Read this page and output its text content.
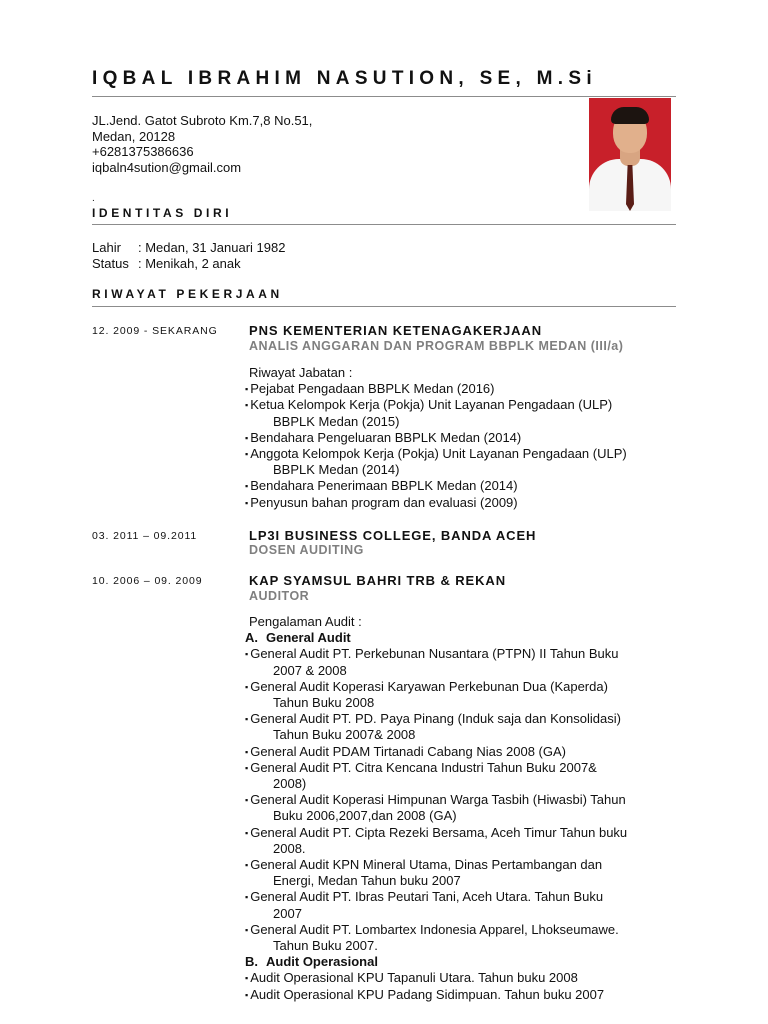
IQBAL IBRAHIM NASUTION, SE, M.Si
JL.Jend. Gatot Subroto Km.7,8 No.51,
Medan, 20128
+6281375386636
iqbaln4sution@gmail.com
.
IDENTITAS DIRI
Lahir : Medan, 31 Januari 1982
Status : Menikah, 2 anak
RIWAYAT PEKERJAAN
12. 2009 - SEKARANG PNS KEMENTERIAN KETENAGAKERJAAN
ANALIS ANGGARAN DAN PROGRAM BBPLK MEDAN (III/a)
Riwayat Jabatan :
▪ Pejabat Pengadaan BBPLK Medan (2016)
▪ Ketua Kelompok Kerja (Pokja) Unit Layanan Pengadaan (ULP)
BBPLK Medan (2015)
▪ Bendahara Pengeluaran BBPLK Medan (2014)
▪ Anggota Kelompok Kerja (Pokja) Unit Layanan Pengadaan (ULP)
BBPLK Medan (2014)
▪ Bendahara Penerimaan BBPLK Medan (2014)
▪ Penyusun bahan program dan evaluasi (2009)
03. 2011 – 09.2011	LP3I BUSINESS COLLEGE, BANDA ACEH
DOSEN AUDITING
10. 2006 – 09. 2009	KAP SYAMSUL BAHRI TRB & REKAN
AUDITOR
Pengalaman Audit :
A. General Audit
▪ General Audit PT. Perkebunan Nusantara (PTPN) II Tahun Buku
2007 & 2008
▪ General Audit Koperasi Karyawan Perkebunan Dua (Kaperda)
Tahun Buku 2008
▪ General Audit PT. PD. Paya Pinang (Induk saja dan Konsolidasi)
Tahun Buku 2007& 2008
▪ General Audit PDAM Tirtanadi Cabang Nias 2008 (GA)
▪ General Audit PT. Citra Kencana Industri Tahun Buku 2007&
2008)
▪ General Audit Koperasi Himpunan Warga Tasbih (Hiwasbi) Tahun
Buku 2006,2007,dan 2008 (GA)
▪ General Audit PT. Cipta Rezeki Bersama, Aceh Timur Tahun buku
2008.
▪ General Audit KPN Mineral Utama, Dinas Pertambangan dan
Energi, Medan Tahun buku 2007
▪ General Audit PT. Ibras Peutari Tani, Aceh Utara. Tahun Buku
2007
▪ General Audit PT. Lombartex Indonesia Apparel, Lhokseumawe.
Tahun Buku 2007.
B. Audit Operasional
▪ Audit Operasional KPU Tapanuli Utara. Tahun buku 2008
▪ Audit Operasional KPU Padang Sidimpuan. Tahun buku 2007
